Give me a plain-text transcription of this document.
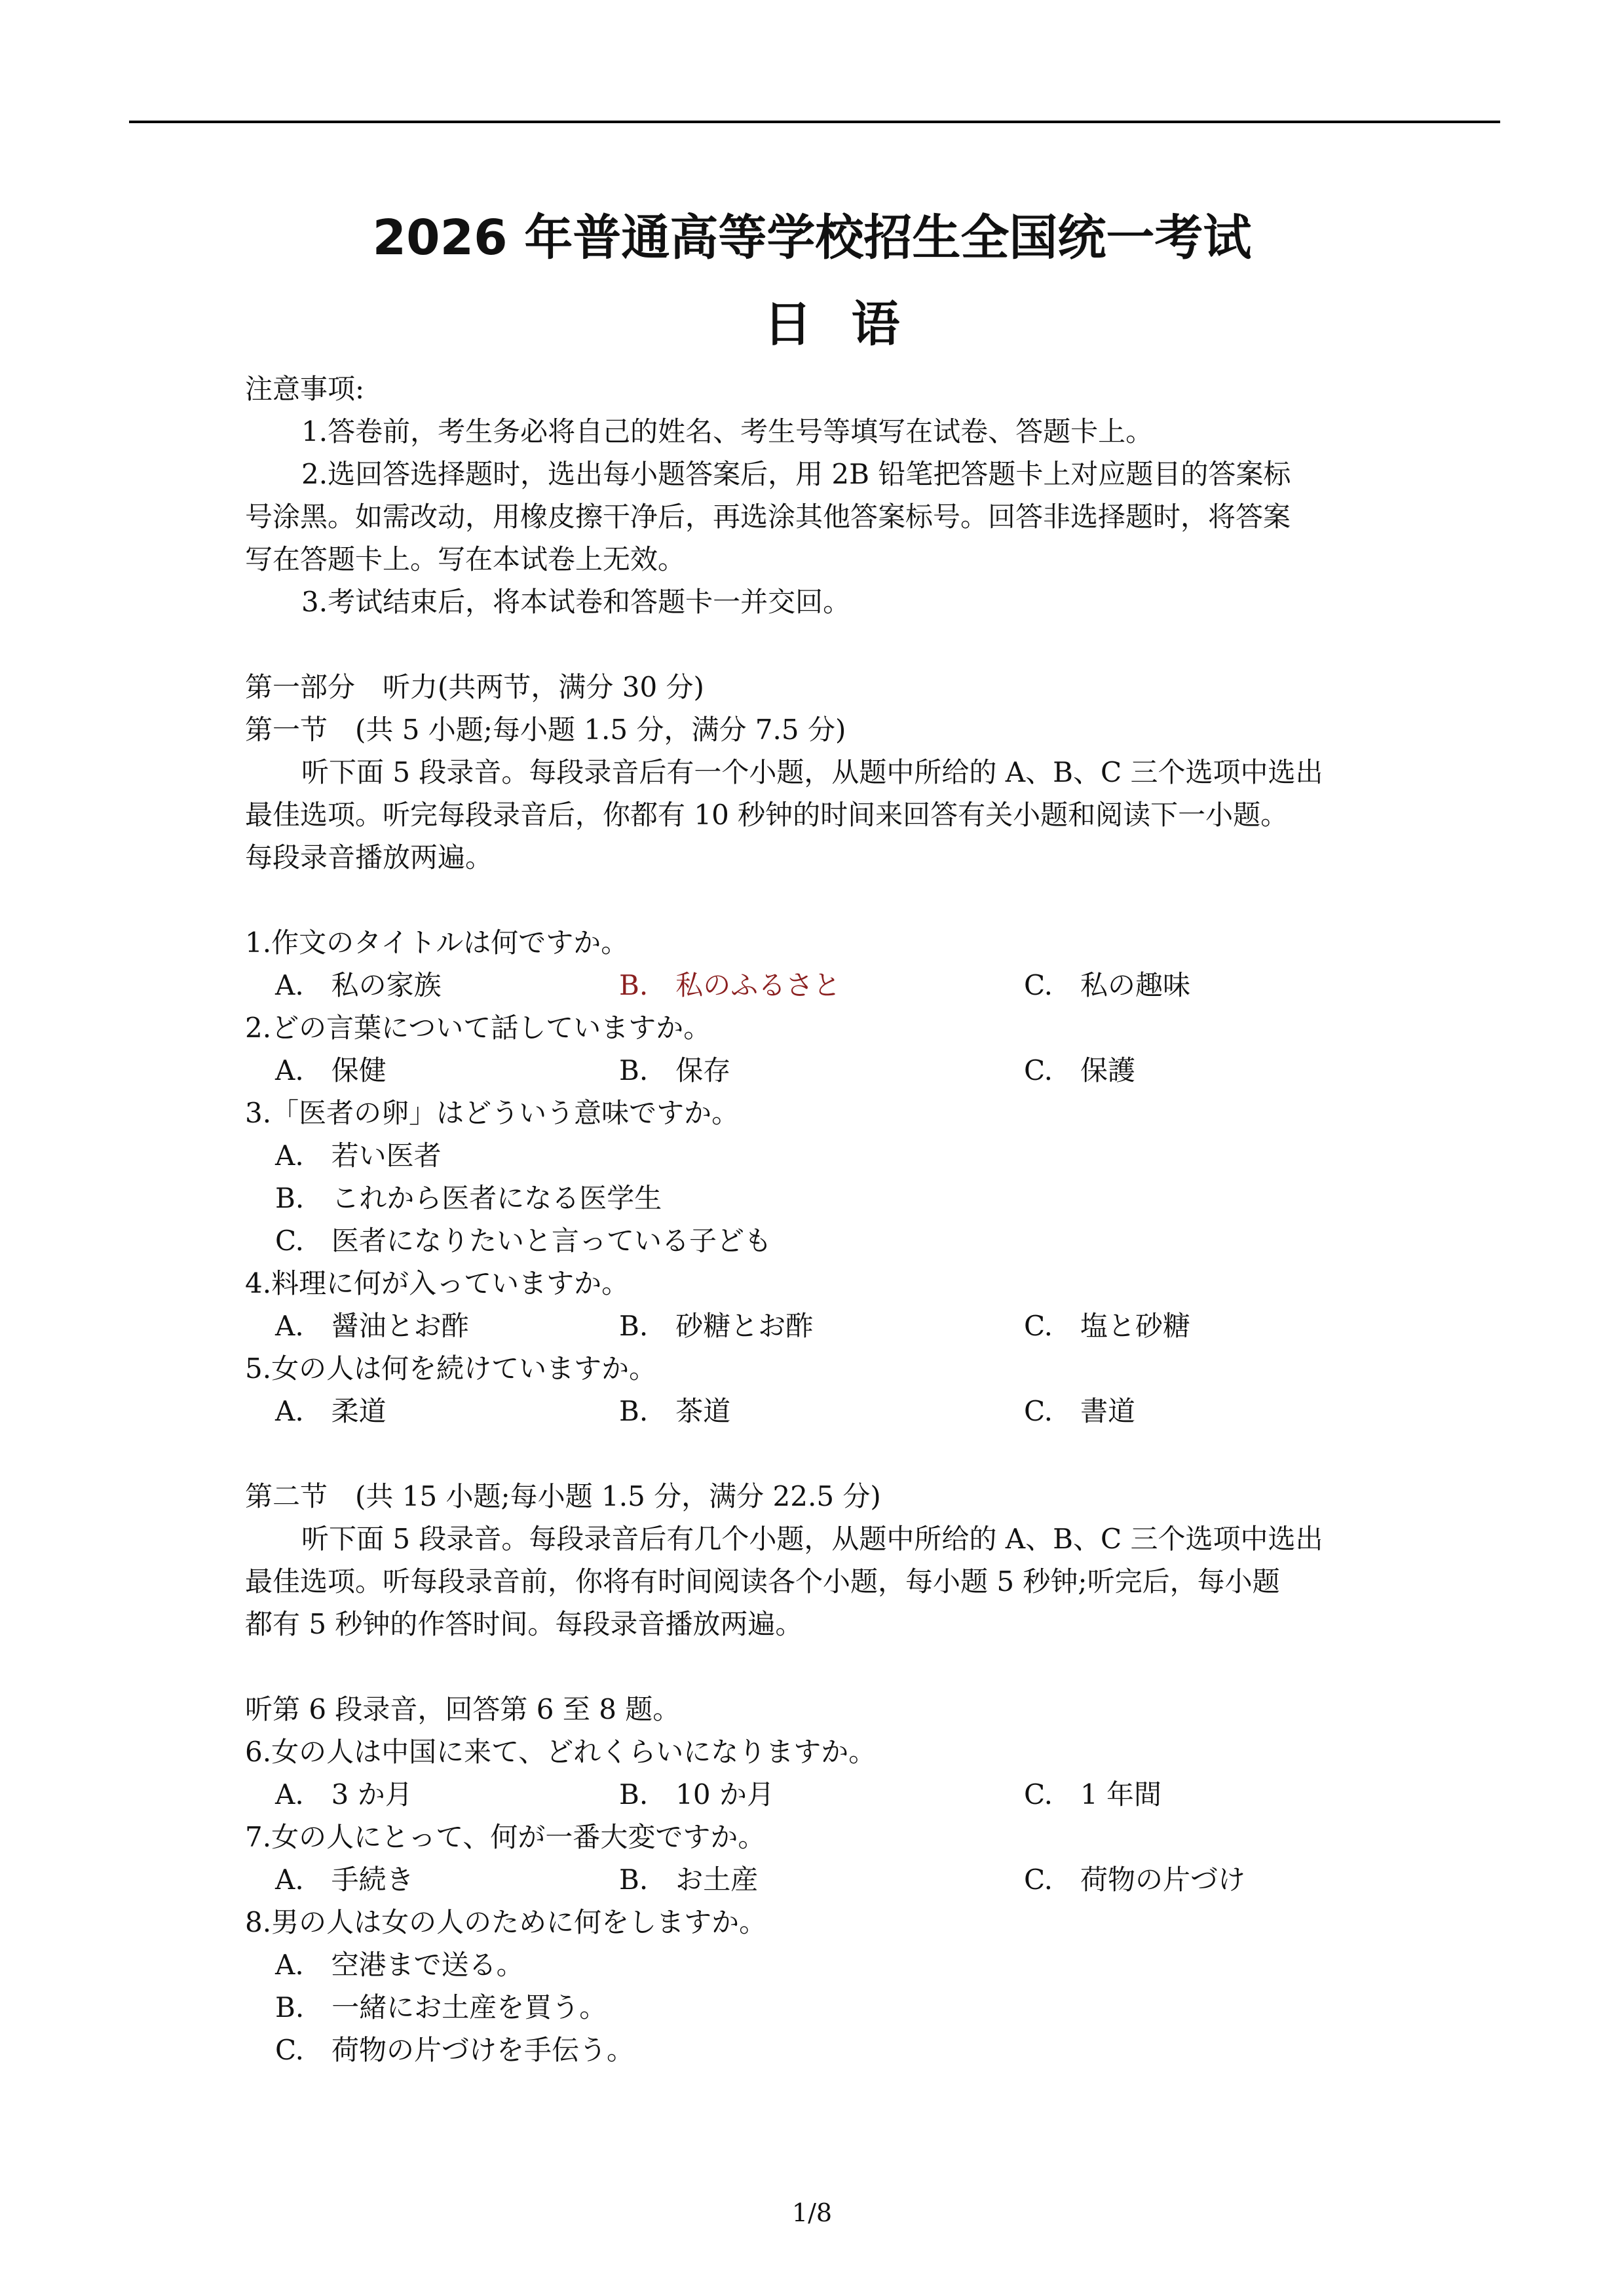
2026 年普通高等学校招生全国统一考试
日语
注意事项:
1.答卷前，考生务必将自己的姓名、考生号等填写在试卷、答题卡上。
2.选回答选择题时，选出每小题答案后，用 2B 铅笔把答题卡上对应题目的答案标
号涂黑。如需改动，用橡皮擦干净后，再选涂其他答案标号。回答非选择题时，将答案
写在答题卡上。写在本试卷上无效。
3.考试结束后，将本试卷和答题卡一并交回。
第一部分　听力(共两节，满分 30 分)
第一节　(共 5 小题;每小题 1.5 分，满分 7.5 分)
听下面 5 段录音。每段录音后有一个小题，从题中所给的 A、B、C 三个选项中选出
最佳选项。听完每段录音后，你都有 10 秒钟的时间来回答有关小题和阅读下一小题。
每段录音播放两遍。
1.作文のタイトルは何ですか。
A.　私の家族	B.　私のふるさと	C.　私の趣味
2.どの言葉について話していますか。
A.　保健	B.　保存	C.　保護
3.「医者の卵」はどういう意味ですか。
A.　若い医者
B.　これから医者になる医学生
C.　医者になりたいと言っている子ども
4.料理に何が入っていますか。
A.　醤油とお酢	B.　砂糖とお酢	C.　塩と砂糖
5.女の人は何を続けていますか。
A.　柔道	B.　茶道	C.　書道
第二节　(共 15 小题;每小题 1.5 分，满分 22.5 分)
听下面 5 段录音。每段录音后有几个小题，从题中所给的 A、B、C 三个选项中选出
最佳选项。听每段录音前，你将有时间阅读各个小题，每小题 5 秒钟;听完后，每小题
都有 5 秒钟的作答时间。每段录音播放两遍。
听第 6 段录音，回答第 6 至 8 题。
6.女の人は中国に来て、どれくらいになりますか。
A.　3 か月	B.　10 か月	C.　1 年間
7.女の人にとって、何が一番大変ですか。
A.　手続き	B.　お土産	C.　荷物の片づけ
8.男の人は女の人のために何をしますか。
A.　空港まで送る。
B.　一緒にお土産を買う。
C.　荷物の片づけを手伝う。
1/8
